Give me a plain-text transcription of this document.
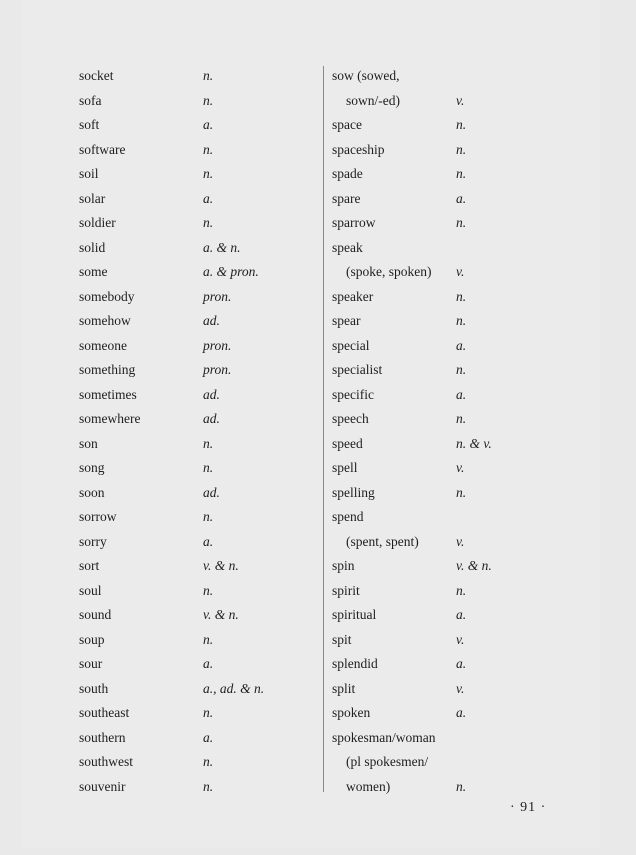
socket	n.
sofa	n.
soft	a.
software	n.
soil	n.
solar	a.
soldier	n.
solid	a. & n.
some	a. & pron.
somebody	pron.
somehow	ad.
someone	pron.
something	pron.
sometimes	ad.
somewhere	ad.
son	n.
song	n.
soon	ad.
sorrow	n.
sorry	a.
sort	v. & n.
soul	n.
sound	v. & n.
soup	n.
sour	a.
south	a., ad. & n.
southeast	n.
southern	a.
southwest	n.
souvenir	n.
sow (sowed,
sown/-ed)	v.
space	n.
spaceship	n.
spade	n.
spare	a.
sparrow	n.
speak
(spoke, spoken) v.
speaker	n.
spear	n.
special	a.
specialist	n.
specific	a.
speech	n.
speed	n. & v.
spell	v.
spelling	n.
spend
(spent, spent)	v.
spin	v. & n.
spirit	n.
spiritual	a.
spit	v.
splendid	a.
split	v.
spoken	a.
spokesman/woman
(pl spokesmen/
women)	n.
· 91 ·
